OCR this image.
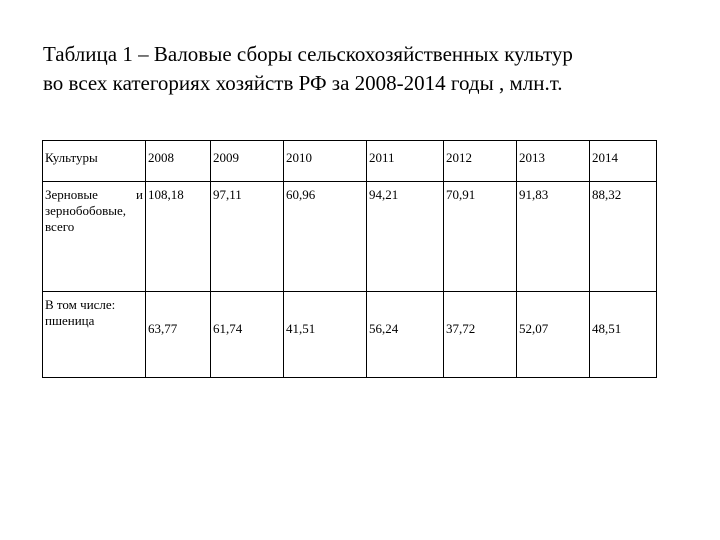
Таблица 1 – Валовые сборы сельскохозяйственных культур
во всех категориях хозяйств РФ за 2008-2014 годы , млн.т.
Культуры	2008	2009	2010	2011	2012	2013	2014

Зерновые и
зернобобовые,
всего	108,18	97,11	60,96	94,21	70,91	91,83	88,32

В том числе:
пшеница	63,77	61,74	41,51	56,24	37,72	52,07	48,51
